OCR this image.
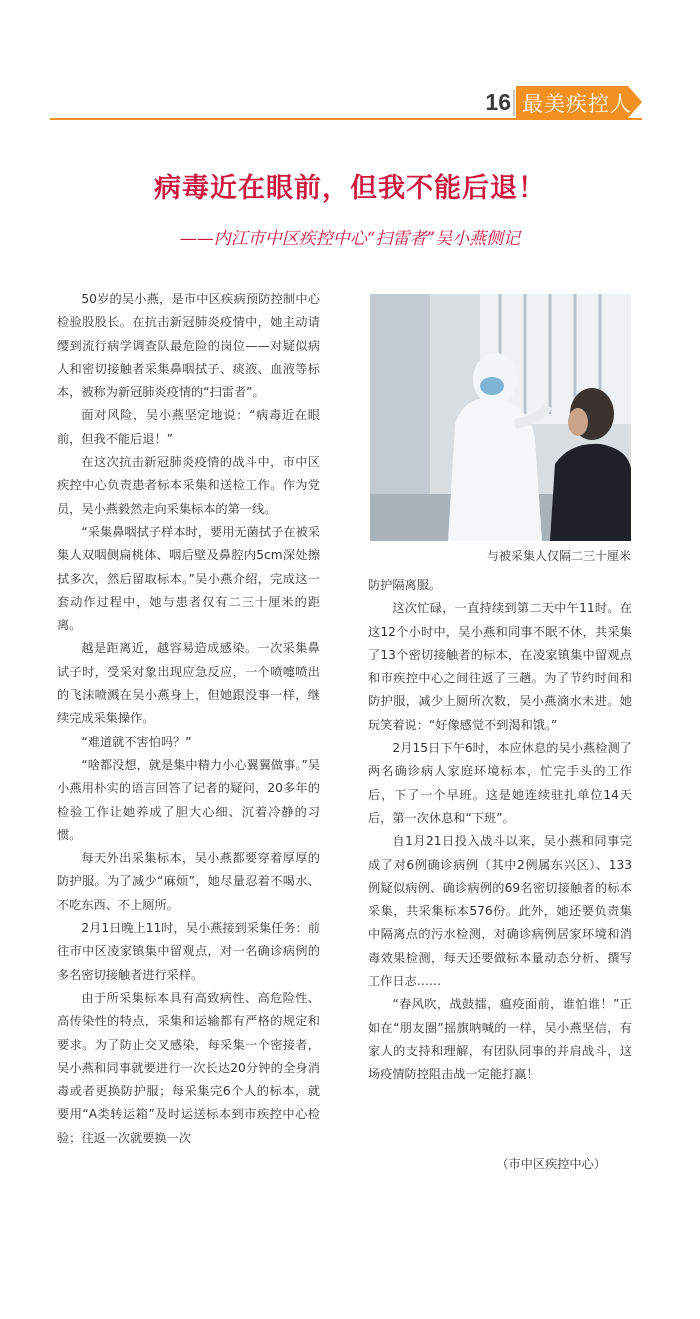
16 最美疾控人
病毒近在眼前，但我不能后退！
——内江市中区疾控中心“扫雷者”吴小燕侧记

50岁的吴小燕，是市中区疾病预防控制中心检验股股长。在抗击新冠肺炎疫情中，她主动请缨到流行病学调查队最危险的岗位——对疑似病人和密切接触者采集鼻咽拭子、痰液、血液等标本，被称为新冠肺炎疫情的“扫雷者”。

面对风险，吴小燕坚定地说：“病毒近在眼前，但我不能后退！”

在这次抗击新冠肺炎疫情的战斗中，市中区疾控中心负责患者标本采集和送检工作。作为党员，吴小燕毅然走向采集标本的第一线。

“采集鼻咽拭子样本时，要用无菌拭子在被采集人双咽侧扁桃体、咽后壁及鼻腔内5cm深处擦拭多次，然后留取标本。”吴小燕介绍，完成这一套动作过程中，她与患者仅有二三十厘米的距离。

越是距离近，越容易造成感染。一次采集鼻试子时，受采对象出现应急反应，一个喷嚏喷出的飞沫喷溅在吴小燕身上，但她跟没事一样，继续完成采集操作。

“难道就不害怕吗？”

“啥都没想，就是集中精力小心翼翼做事。”吴小燕用朴实的语言回答了记者的疑问，20多年的检验工作让她养成了胆大心细、沉着冷静的习惯。

每天外出采集标本，吴小燕都要穿着厚厚的防护服。为了减少“麻烦”，她尽量忍着不喝水、不吃东西、不上厕所。

2月1日晚上11时，吴小燕接到采集任务：前往市中区凌家镇集中留观点，对一名确诊病例的多名密切接触者进行采样。

由于所采集标本具有高致病性、高危险性、高传染性的特点，采集和运输都有严格的规定和要求。为了防止交叉感染，每采集一个密接者，吴小燕和同事就要进行一次长达20分钟的全身消毒或者更换防护服；每采集完6个人的标本，就要用“A类转运箱”及时运送标本到市疾控中心检验；往返一次就要换一次

与被采集人仅隔二三十厘米

防护隔离服。

这次忙碌，一直持续到第二天中午11时。在这12个小时中，吴小燕和同事不眠不休，共采集了13个密切接触者的标本，在凌家镇集中留观点和市疾控中心之间往返了三趟。为了节约时间和防护服，减少上厕所次数，吴小燕滴水未进。她玩笑着说：“好像感觉不到渴和饿。”

2月15日下午6时，本应休息的吴小燕检测了两名确诊病人家庭环境标本，忙完手头的工作后，下了一个早班。这是她连续驻扎单位14天后，第一次休息和“下班”。

自1月21日投入战斗以来，吴小燕和同事完成了对6例确诊病例（其中2例属东兴区）、133例疑似病例、确诊病例的69名密切接触者的标本采集，共采集标本576份。此外，她还要负责集中隔离点的污水检测，对确诊病例居家环境和消毒效果检测，每天还要做标本量动态分析、撰写工作日志……

“春风吹，战鼓擂，瘟疫面前，谁怕谁！”正如在“朋友圈”摇旗呐喊的一样，吴小燕坚信，有家人的支持和理解，有团队同事的并肩战斗，这场疫情防控阻击战一定能打赢！

（市中区疾控中心）
